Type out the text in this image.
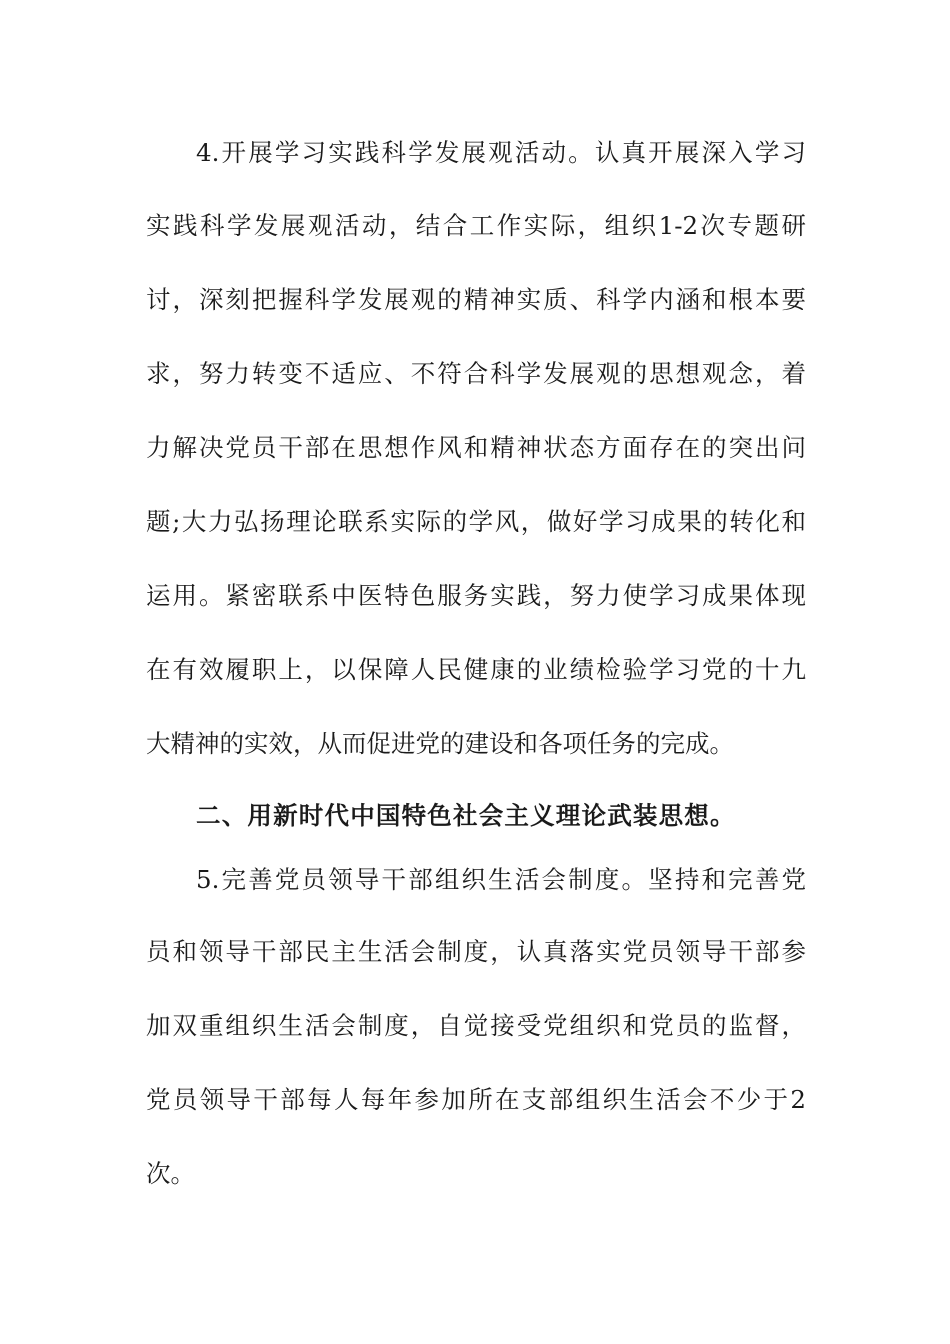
4.开展学习实践科学发展观活动。认真开展深入学习
实践科学发展观活动，结合工作实际，组织1-2次专题研
讨，深刻把握科学发展观的精神实质、科学内涵和根本要
求，努力转变不适应、不符合科学发展观的思想观念，着
力解决党员干部在思想作风和精神状态方面存在的突出问
题;大力弘扬理论联系实际的学风，做好学习成果的转化和
运用。紧密联系中医特色服务实践，努力使学习成果体现
在有效履职上，以保障人民健康的业绩检验学习党的十九
大精神的实效，从而促进党的建设和各项任务的完成。
二、用新时代中国特色社会主义理论武装思想。
5.完善党员领导干部组织生活会制度。坚持和完善党
员和领导干部民主生活会制度，认真落实党员领导干部参
加双重组织生活会制度，自觉接受党组织和党员的监督，
党员领导干部每人每年参加所在支部组织生活会不少于2
次。
